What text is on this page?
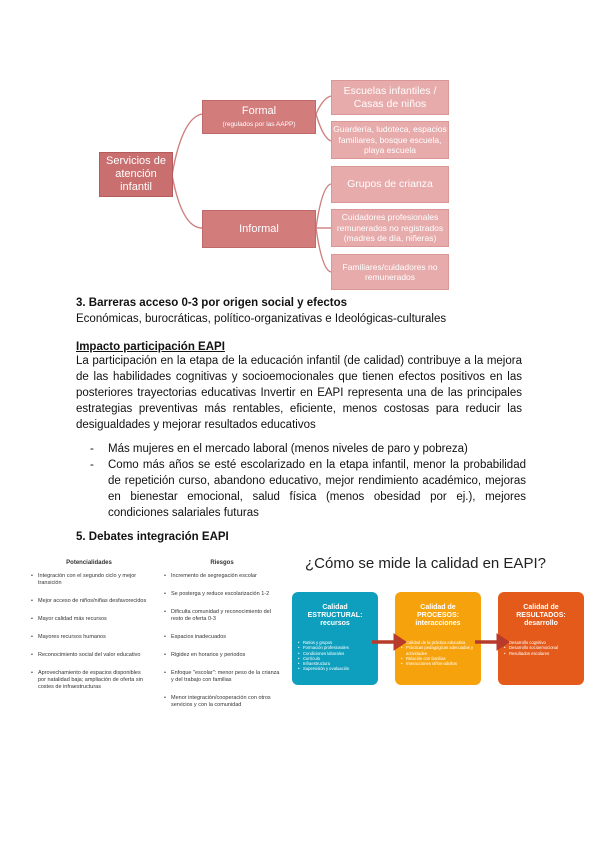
Servicios de atención infantil
Formal
(regulados por las AAPP)
Informal
Escuelas infantiles / Casas de niños
Guardería, ludoteca, espacios familiares, bosque escuela, playa escuela
Grupos de crianza
Cuidadores profesionales remunerados no registrados (madres de día, niñeras)
Familiares/cuidadores no remunerados
3. Barreras acceso 0-3 por origen social y efectos
Económicas, burocráticas, político-organizativas e Ideológicas-culturales
Impacto participación EAPI
La participación en la etapa de la educación infantil (de calidad) contribuye a la mejora de las habilidades cognitivas y socioemocionales que tienen efectos positivos en las posteriores trayectorias educativas Invertir en EAPI representa una de las principales estrategias preventivas más rentables, eficiente, menos costosas para reducir las desigualdades y mejorar resultados educativos
- Más mujeres en el mercado laboral (menos niveles de paro y pobreza)
- Como más años se esté escolarizado en la etapa infantil, menor la probabilidad de repetición curso, abandono educativo, mejor rendimiento académico, mejoras en bienestar emocional, salud física (menos obesidad por ej.), mejores condiciones salariales futuras
5. Debates integración EAPI
Potencialidades
• Integración con el segundo ciclo y mejor transición
• Mejor acceso de niños/niñas desfavorecidos
• Mayor calidad más recursos
• Mayores recursos humanos
• Reconocimiento social del valor educativo
• Aprovechamiento de espacios disponibles por natalidad baja; ampliación de oferta sin costes de infraestructuras
Riesgos
• Incremento de segregación escolar
• Se posterga y reduce escolarización 1-2
• Dificulta comunidad y reconocimiento del resto de oferta 0-3
• Espacios inadecuados
• Rigidez en horarios y periodos
• Enfoque "escolar": menor peso de la crianza y del trabajo con familias
• Menor integración/cooperación con otros servicios y con la comunidad
¿Cómo se mide la calidad en EAPI?
Calidad ESTRUCTURAL: recursos
• Ratios y grupos
• Formación profesionales
• Condiciones laborales
• Currículo
• Infraestructura
• Supervisión y evaluación
Calidad de PROCESOS: interacciones
• Calidad de la práctica educativa
• Prácticas pedagógicas adecuadas y actividades
• Relación con familias
• Interacciones niños-adultos
Calidad de RESULTADOS: desarrollo
• Desarrollo cognitivo
• Desarrollo socioemocional
• Resultados escolares
